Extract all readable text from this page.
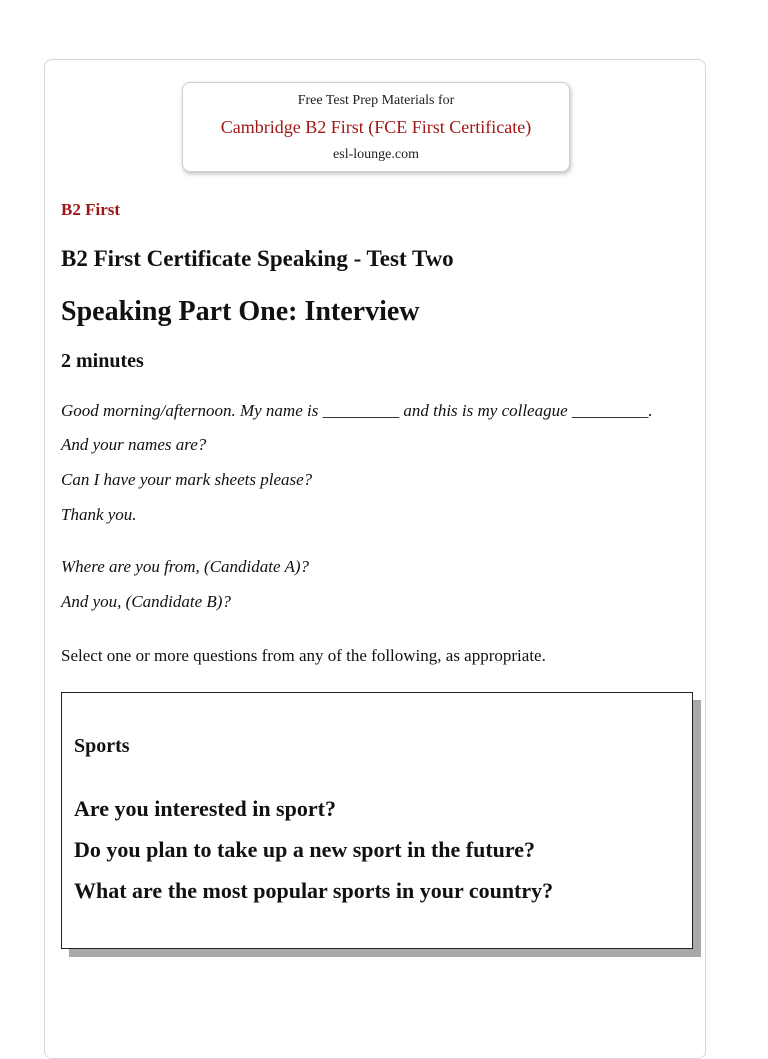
Free Test Prep Materials for
Cambridge B2 First (FCE First Certificate)
esl-lounge.com
B2 First
B2 First Certificate Speaking - Test Two
Speaking Part One: Interview
2 minutes
Good morning/afternoon. My name is _________ and this is my colleague _________.
And your names are?
Can I have your mark sheets please?
Thank you.
Where are you from, (Candidate A)?
And you, (Candidate B)?
Select one or more questions from any of the following, as appropriate.
Sports
Are you interested in sport?
Do you plan to take up a new sport in the future?
What are the most popular sports in your country?
